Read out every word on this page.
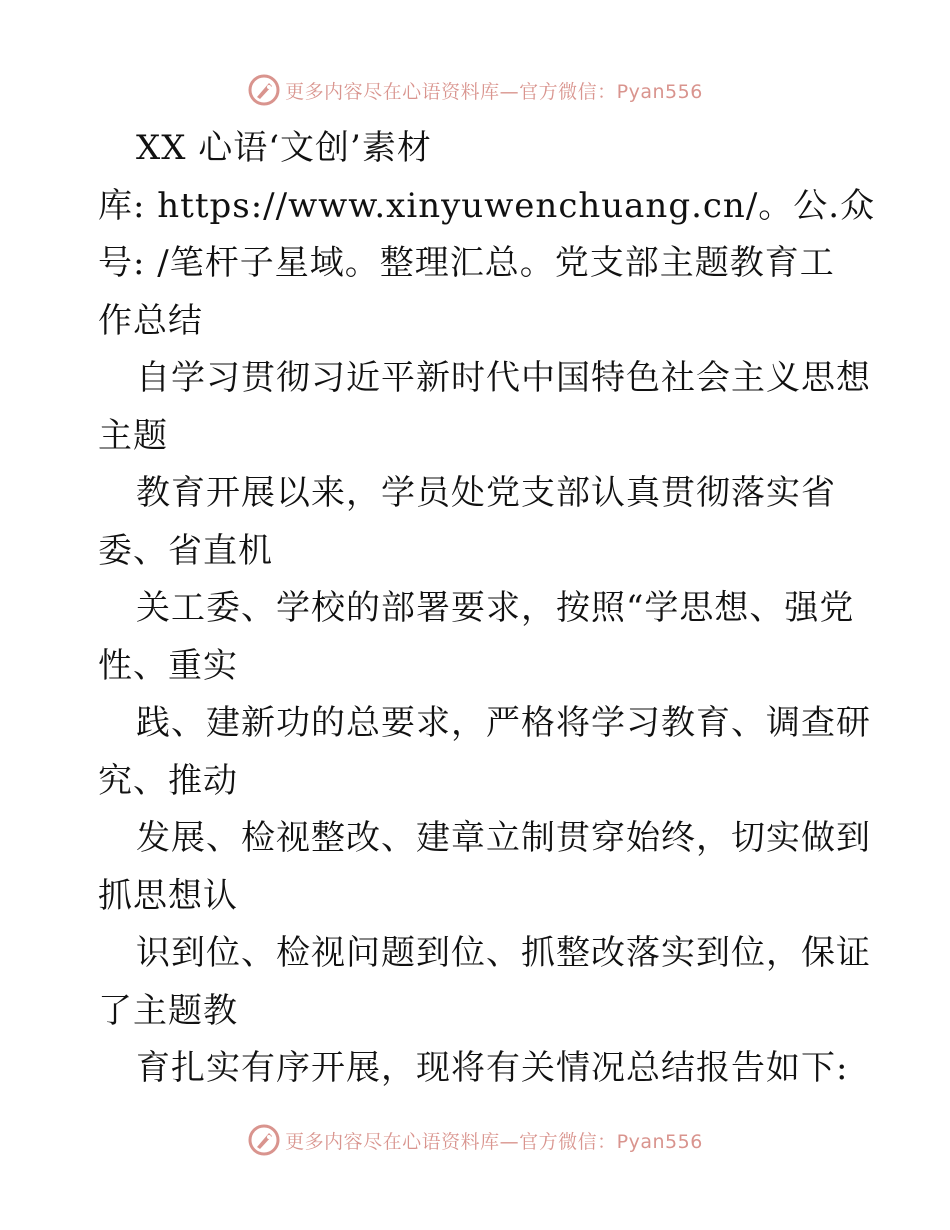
更多内容尽在心语资料库—官方微信：Pyan556
XX 心语‘文创’素材
库: https://www.xinyuwenchuang.cn/。公.众
号: /笔杆子星域。整理汇总。党支部主题教育工
作总结
自学习贯彻习近平新时代中国特色社会主义思想
主题
教育开展以来，学员处党支部认真贯彻落实省
委、省直机
关工委、学校的部署要求，按照“学思想、强党
性、重实
践、建新功的总要求，严格将学习教育、调查研
究、推动
发展、检视整改、建章立制贯穿始终，切实做到
抓思想认
识到位、检视问题到位、抓整改落实到位，保证
了主题教
育扎实有序开展，现将有关情况总结报告如下:
更多内容尽在心语资料库—官方微信：Pyan556
